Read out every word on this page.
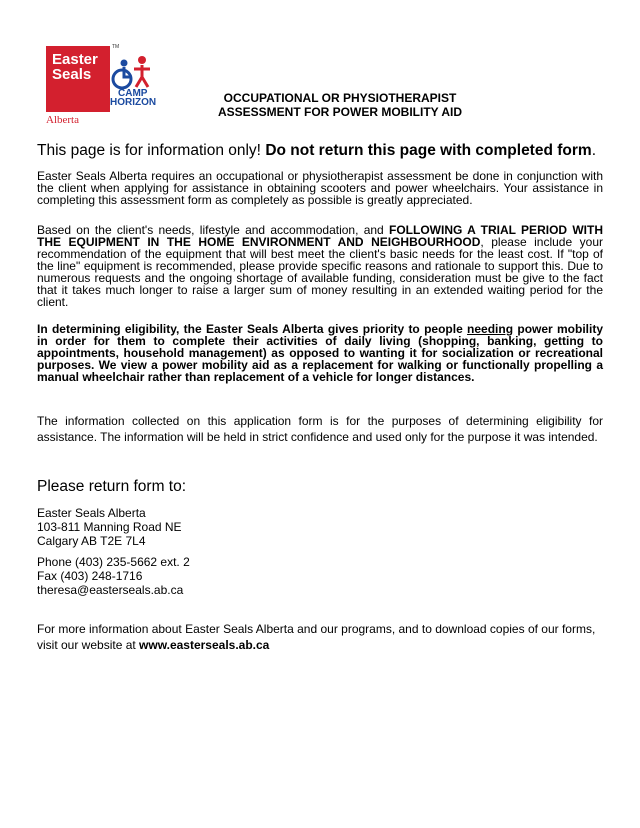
Easter
Seals
TM
Alberta
CAMP
HORIZON	OCCUPATIONAL OR PHYSIOTHERAPIST
ASSESSMENT FOR POWER MOBILITY AID
This page is for information only! Do not return this page with completed form.
Easter Seals Alberta requires an occupational or physiotherapist assessment be done in conjunction with the client when applying for assistance in obtaining scooters and power wheelchairs. Your assistance in completing this assessment form as completely as possible is greatly appreciated.
Based on the client's needs, lifestyle and accommodation, and FOLLOWING A TRIAL PERIOD WITH THE EQUIPMENT IN THE HOME ENVIRONMENT AND NEIGHBOURHOOD, please include your recommendation of the equipment that will best meet the client's basic needs for the least cost. If "top of the line" equipment is recommended, please provide specific reasons and rationale to support this. Due to numerous requests and the ongoing shortage of available funding, consideration must be give to the fact that it takes much longer to raise a larger sum of money resulting in an extended waiting period for the client.
In determining eligibility, the Easter Seals Alberta gives priority to people needing power mobility in order for them to complete their activities of daily living (shopping, banking, getting to appointments, household management) as opposed to wanting it for socialization or recreational purposes. We view a power mobility aid as a replacement for walking or functionally propelling a manual wheelchair rather than replacement of a vehicle for longer distances.
The information collected on this application form is for the purposes of determining eligibility for assistance. The information will be held in strict confidence and used only for the purpose it was intended.
Please return form to:
Easter Seals Alberta
103-811 Manning Road NE
Calgary AB T2E 7L4
Phone (403) 235-5662 ext. 2
Fax (403) 248-1716
theresa@easterseals.ab.ca
For more information about Easter Seals Alberta and our programs, and to download copies of our forms, visit our website at www.easterseals.ab.ca
